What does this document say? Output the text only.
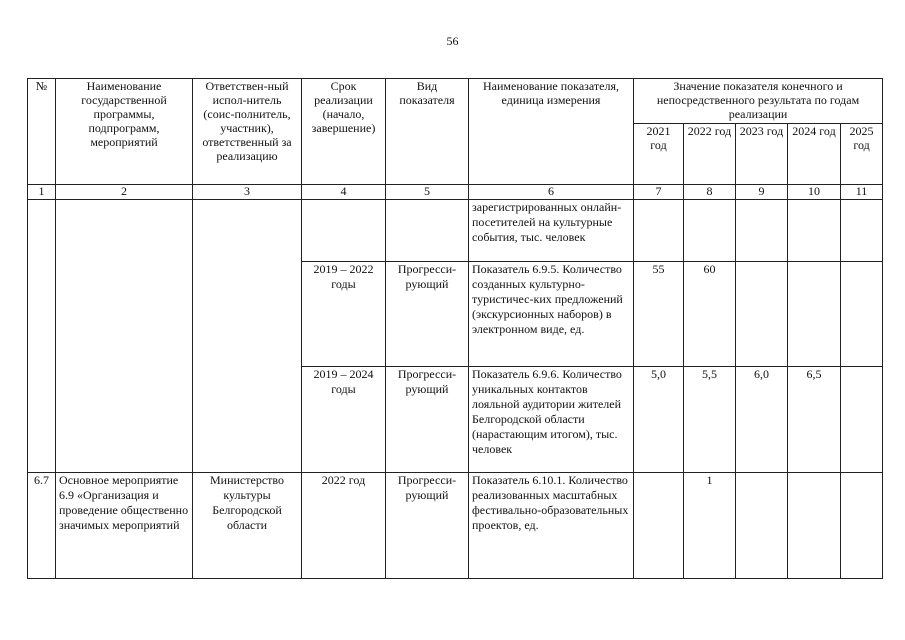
56
№	Наименование государственной программы, подпрограмм, мероприятий	Ответствен-ный испол-нитель (соис-полнитель, участник), ответственный за реализацию	Срок реализации (начало, завершение)	Вид показателя	Наименование показателя, единица измерения	Значение показателя конечного и непосредственного результата по годам реализации				
						2021 год	2022 год	2023 год	2024 год	2025 год
1	2	3	4	5	6	7	8	9	10	11
					зарегистрированных онлайн-посетителей на культурные события, тыс. человек					
			2019 – 2022 годы	Прогресси-рующий	Показатель 6.9.5. Количество созданных культурно-туристичес-ких предложений (экскурсионных наборов) в электронном виде, ед.	55	60			
			2019 – 2024 годы	Прогресси-рующий	Показатель 6.9.6. Количество уникальных контактов лояльной аудитории жителей Белгородской области (нарастающим итогом), тыс. человек	5,0	5,5	6,0	6,5	
6.7	Основное мероприятие 6.9 «Организация и проведение общественно значимых мероприятий	Министерство культуры Белгородской области	2022 год	Прогресси-рующий	Показатель 6.10.1. Количество реализованных масштабных фестивально-образовательных проектов, ед.		1			
